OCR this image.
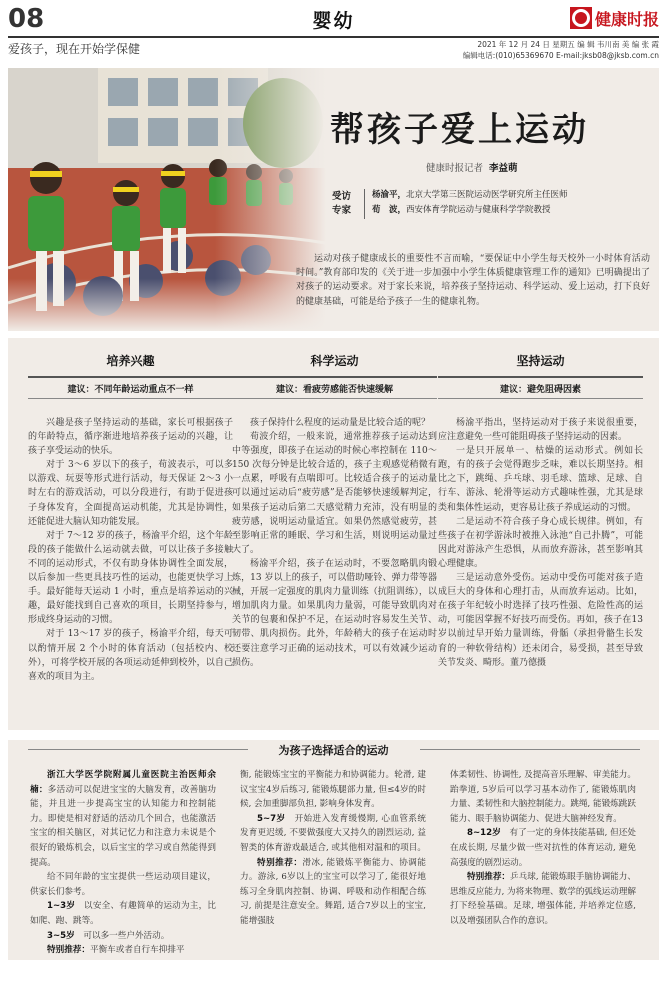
08	婴幼	健康时报
爱孩子，现在开始学保健	2021 年 12 月 24 日 星期五 编 辑 韦川南 美 编 张 霞
编辑电话:(010)65369670 E-mail:jksb08@jksb.com.cn
帮孩子爱上运动
健康时报记者 李益萌
受访专家
杨渝平，北京大学第三医院运动医学研究所主任医师
荀　波，西安体育学院运动与健康科学学院教授
运动对孩子健康成长的重要性不言而喻，“要保证中小学生每天校外一小时体育活动时间。”教育部印发的《关于进一步加强中小学生体质健康管理工作的通知》已明确提出了对孩子的运动要求。对于家长来说，培养孩子坚持运动、科学运动、爱上运动，打下良好的健康基础，可能是给予孩子一生的健康礼物。
培养兴趣
建议：不同年龄运动重点不一样

兴趣是孩子坚持运动的基础，家长可根据孩子的年龄特点，循序渐进地培养孩子运动的兴趣，让孩子享受运动的快乐。

对于 3～6 岁以下的孩子，荀波表示，可以多以游戏、玩耍等形式进行活动，每天保证 2～3 小时左右的游戏活动，可以分段进行，有助于促进孩子身体发育，全面提高运动机能，尤其是协调性，还能促进大脑认知功能发展。

对于 7～12 岁的孩子，杨渝平介绍，这个年龄段的孩子能做什么运动就去做，可以让孩子多接触不同的运动形式，不仅有助身体协调性全面发展，以后参加一些更具技巧性的运动，也能更快学习上手。最好能每天运动 1 小时，重点是培养运动的兴趣，最好能找到自己喜欢的项目，长期坚持参与，形成终身运动的习惯。

对于 13～17 岁的孩子，杨渝平介绍，每天可以酌情开展 2 个小时的体育活动（包括校内、校外），可将学校开展的各项运动延伸到校外，以自己喜欢的项目为主。

科学运动
建议：看疲劳感能否快速缓解

孩子保持什么程度的运动量是比较合适的呢？

荀波介绍，一般来说，通常推荐孩子运动达到中等强度，即孩子在运动的时候心率控制在 110～150 次每分钟是比较合适的，孩子主观感觉稍微有一点累，呼吸有点喘即可。比较适合孩子的运动量可以通过运动后“疲劳感”是否能够快速缓解判定，如果孩子运动后第二天感觉精力充沛，没有明显的疲劳感，说明运动量适宜。如果仍然感觉疲劳，甚至影响正常的睡眠、学习和生活，则说明运动量过大了。

杨渝平介绍，孩子在运动时，不要忽略肌肉锻炼，13 岁以上的孩子，可以借助哑铃、弹力带等器械，开展一定强度的肌肉力量训练（抗阻训练），以增加肌肉力量。如果肌肉力量弱，可能导致肌肉对关节的包裹和保护不足，在运动时容易发生关节、韧带、肌肉损伤。此外，年龄稍大的孩子在运动时还要注意学习正确的运动技术，可以有效减少运动损伤。

坚持运动
建议：避免阻碍因素

杨渝平指出，坚持运动对于孩子来说很重要，应注意避免一些可能阻碍孩子坚持运动的因素。

一是只开展单一、枯燥的运动形式。例如长跑，有的孩子会觉得跑步乏味，难以长期坚持。相比之下，跳绳、乒乓球、羽毛球、篮球、足球、自行车、游泳、轮滑等运动方式趣味性强，尤其是球类和集体性运动，更容易让孩子养成运动的习惯。

二是运动不符合孩子身心成长规律。例如，有些孩子在初学游泳时被推入泳池“自己扑腾”，可能因此对游泳产生恐惧，从而放弃游泳，甚至影响其心理健康。

三是运动意外受伤。运动中受伤可能对孩子造成巨大的身体和心理打击，从而放弃运动。比如，在孩子年纪较小时选择了技巧性强、危险性高的运动，可能因掌握不好技巧而受伤。再如，孩子在13岁以前过早开始力量训练，骨骺（承担骨骼生长发育的一种软骨结构）还未闭合，易受损，甚至导致关节发炎、畸形。董乃德摄

为孩子选择适合的运动

浙江大学医学院附属儿童医院主治医师余楠：多活动可以促进宝宝的大脑发育，改善脑功能，并且进一步提高宝宝的认知能力和控制能力。即使是相对舒适的活动几个回合，也能激活宝宝的相关脑区，对其记忆力和注意力未说是个很好的锻炼机会，以后宝宝的学习或自然能得到提高。

给不同年龄的宝宝提供一些运动项目建议，供家长们参考。

1~3岁　 以安全、有趣简单的运动为主，比如爬、跑、跳等。

3~5岁　 可以多一些户外活动。

特别推荐：平衡车或者自行车抑排平

衡, 能锻炼宝宝的平衡能力和协调能力。轮滑, 建议宝宝4岁后练习, 能锻炼腿部力量, 但≤4岁的时候, 会加重脚部负担, 影响身体发育。

5~7岁　 开始进入发育缓慢期, 心血管系统发育更迟缓, 不要做强度大又持久的剧烈运动, 益智类的体育游戏最适合, 或其他相对温和的项目。

特别推荐：滑冰, 能锻炼平衡能力、协调能力。游泳, 6岁以上的宝宝可以学习了, 能很好地练习全身肌肉控制、协调、呼吸和动作相配合练习, 前提是注意安全。舞蹈, 适合7岁以上的宝宝, 能增强肢

体柔韧性、协调性, 及提高音乐理解、审美能力。跆拳道, 5岁后可以学习基本动作了, 能锻炼肌肉力量、柔韧性和大脑控制能力。跳绳, 能锻炼跳跃能力、眼手脑协调能力、促进大脑神经发育。

8~12岁　 有了一定的身体技能基础, 但还处在成长期, 尽量少做一些对抗性的体育运动, 避免高强度的剧烈运动。

特别推荐：乒乓球, 能锻炼眼手脑协调能力、思维反应能力, 为将来物理、数学的弧线运动理解打下经验基础。足球, 增强体能, 并培养定位感, 以及增强团队合作的意识。
